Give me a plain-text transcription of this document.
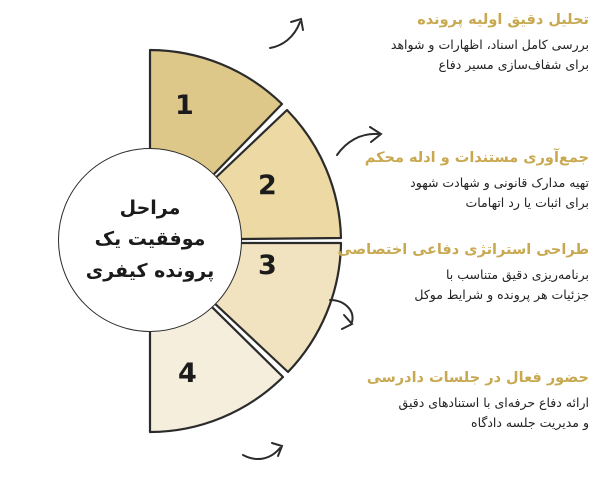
مراحل
موفقیت یک
پرونده کیفری
1
2
3
4

تحلیل دقیق اولیه پرونده

بررسی کامل اسناد، اظهارات و شواهد

برای شفاف‌سازی مسیر دفاع

جمع‌آوری مستندات و ادله محکم

تهیه مدارک قانونی و شهادت شهود

برای اثبات یا رد اتهامات

طراحی استراتژی دفاعی اختصاصی

برنامه‌ریزی دقیق متناسب با

جزئیات هر پرونده و شرایط موکل

حضور فعال در جلسات دادرسی

ارائه دفاع حرفه‌ای با استنادهای دقیق

و مدیریت جلسه دادگاه
